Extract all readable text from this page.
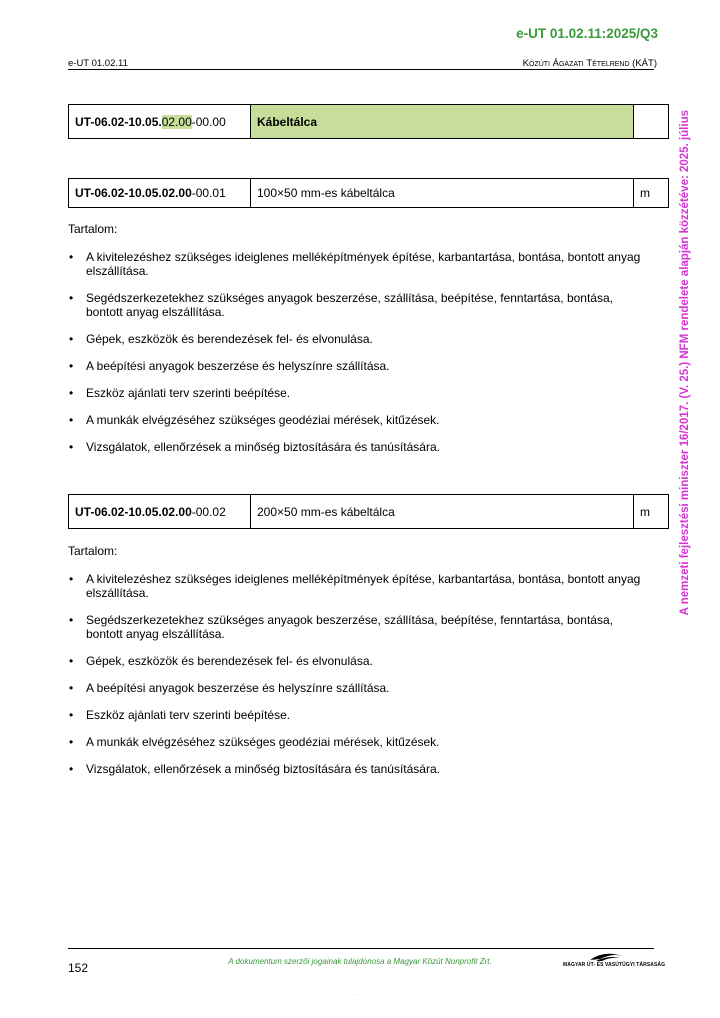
e-UT 01.02.11:2025/Q3
e-UT 01.02.11	Közúti Ágazati Tételrend (KÁT)
A nemzeti fejlesztési miniszter 16/2017. (V. 25.) NFM rendelete alapján közzétéve: 2025. július
UT-06.02-10.05.02.00-00.00	Kábeltálca	
UT-06.02-10.05.02.00-00.01	100×50 mm-es kábeltálca	m
Tartalom:
• A kivitelezéshez szükséges ideiglenes melléképítmények építése, karbantartása, bontása, bontott anyag elszállítása.
• Segédszerkezetekhez szükséges anyagok beszerzése, szállítása, beépítése, fenntartása, bontása, bontott anyag elszállítása.
• Gépek, eszközök és berendezések fel- és elvonulása.
• A beépítési anyagok beszerzése és helyszínre szállítása.
• Eszköz ajánlati terv szerinti beépítése.
• A munkák elvégzéséhez szükséges geodéziai mérések, kitűzések.
• Vizsgálatok, ellenőrzések a minőség biztosítására és tanúsítására.
UT-06.02-10.05.02.00-00.02	200×50 mm-es kábeltálca	m
Tartalom:
• A kivitelezéshez szükséges ideiglenes melléképítmények építése, karbantartása, bontása, bontott anyag elszállítása.
• Segédszerkezetekhez szükséges anyagok beszerzése, szállítása, beépítése, fenntartása, bontása, bontott anyag elszállítása.
• Gépek, eszközök és berendezések fel- és elvonulása.
• A beépítési anyagok beszerzése és helyszínre szállítása.
• Eszköz ajánlati terv szerinti beépítése.
• A munkák elvégzéséhez szükséges geodéziai mérések, kitűzések.
• Vizsgálatok, ellenőrzések a minőség biztosítására és tanúsítására.
152	A dokumentum szerzői jogainak tulajdonosa a Magyar Közút Nonprofit Zrt.	MAGYAR ÚT- ÉS VASÚTÜGYI TÁRSASÁG
.
